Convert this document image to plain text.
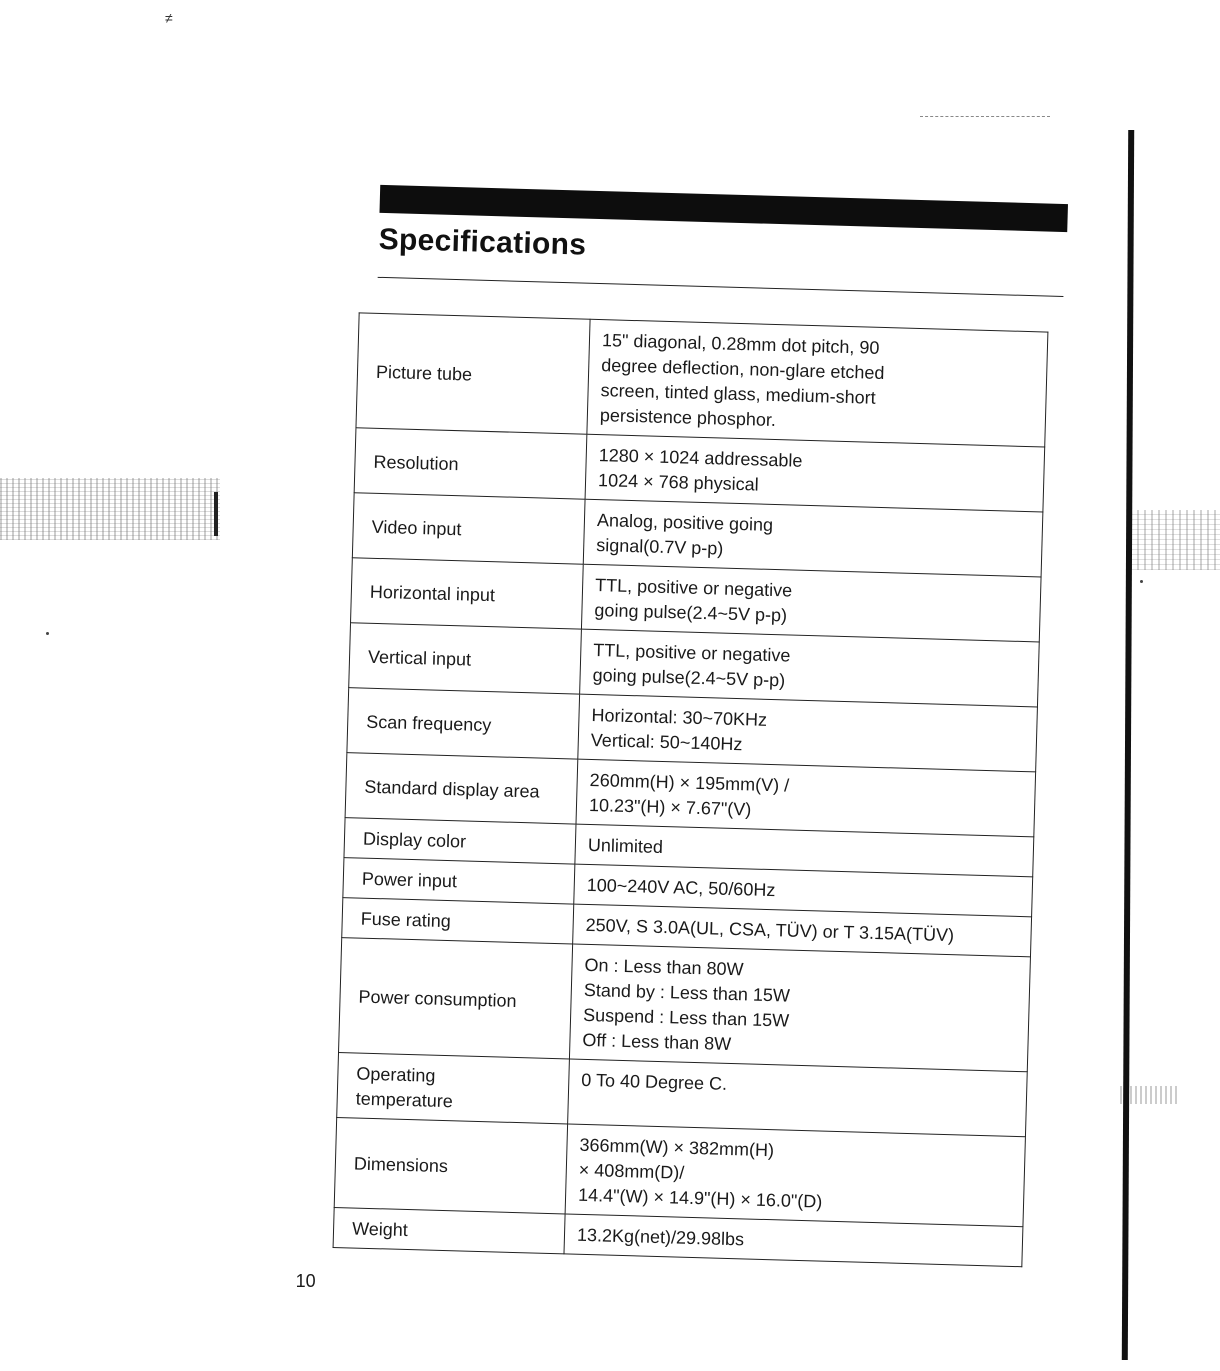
≠
Specifications
Picture tube	15" diagonal, 0.28mm dot pitch, 90
degree deflection, non-glare etched
screen, tinted glass, medium-short
persistence phosphor.

Resolution	1280 × 1024 addressable
1024 × 768 physical

Video input	Analog, positive going
signal(0.7V p-p)

Horizontal input	TTL, positive or negative
going pulse(2.4~5V p-p)

Vertical input	TTL, positive or negative
going pulse(2.4~5V p-p)

Scan frequency	Horizontal: 30~70KHz
Vertical: 50~140Hz

Standard display area	260mm(H) × 195mm(V) /
10.23"(H) × 7.67"(V)

Display color	Unlimited

Power input	100~240V AC, 50/60Hz

Fuse rating	250V, S 3.0A(UL, CSA, TÜV) or T 3.15A(TÜV)

Power consumption	On : Less than 80W
Stand by : Less than 15W
Suspend : Less than 15W
Off : Less than 8W

Operating
temperature	0 To 40 Degree C.

Dimensions	366mm(W) × 382mm(H)
× 408mm(D)/
14.4"(W) × 14.9"(H) × 16.0"(D)

Weight	13.2Kg(net)/29.98lbs
10
